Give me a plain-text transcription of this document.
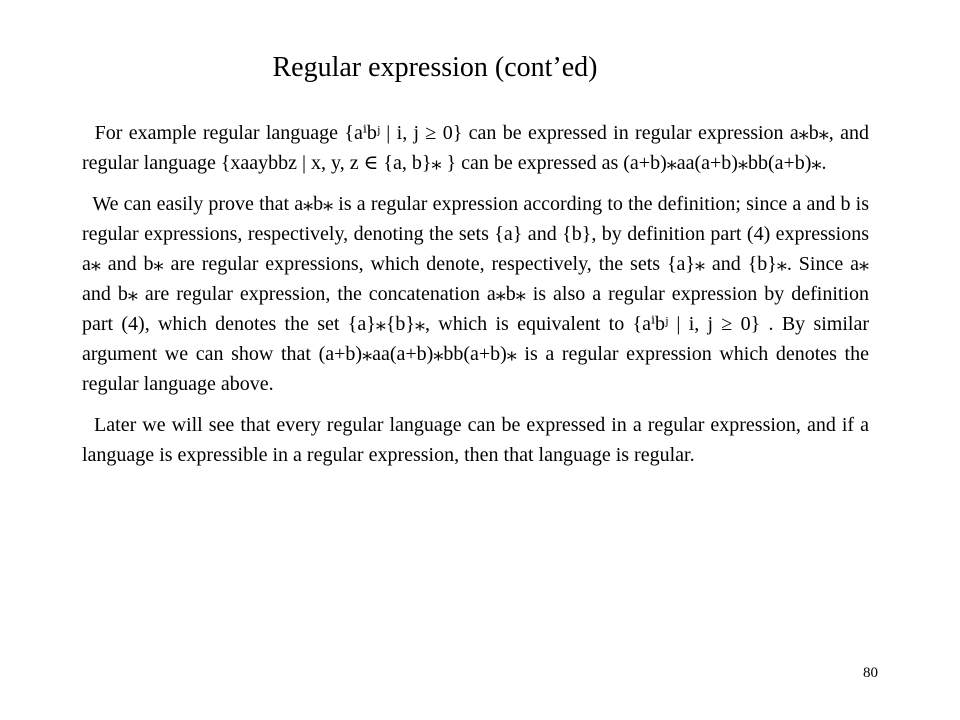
Regular expression (cont’ed)

For example regular language {aⁱbʲ | i, j ≥ 0} can be expressed in regular expression a⁎b⁎, and regular language {xaaybbz | x, y, z ∈ {a, b}⁎ } can be expressed as (a+b)⁎aa(a+b)⁎bb(a+b)⁎.

We can easily prove that a⁎b⁎ is a regular expression according to the definition; since a and b is regular expressions, respectively, denoting the sets {a} and {b}, by definition part (4) expressions a⁎ and b⁎ are regular expressions, which denote, respectively, the sets {a}⁎ and {b}⁎. Since a⁎ and b⁎ are regular expression, the concatenation a⁎b⁎ is also a regular expression by definition part (4), which denotes the set {a}⁎{b}⁎, which is equivalent to {aⁱbʲ | i, j ≥ 0} . By similar argument we can show that (a+b)⁎aa(a+b)⁎bb(a+b)⁎ is a regular expression which denotes the regular language above.

Later we will see that every regular language can be expressed in a regular expression, and if a language is expressible in a regular expression, then that language is regular.

80
